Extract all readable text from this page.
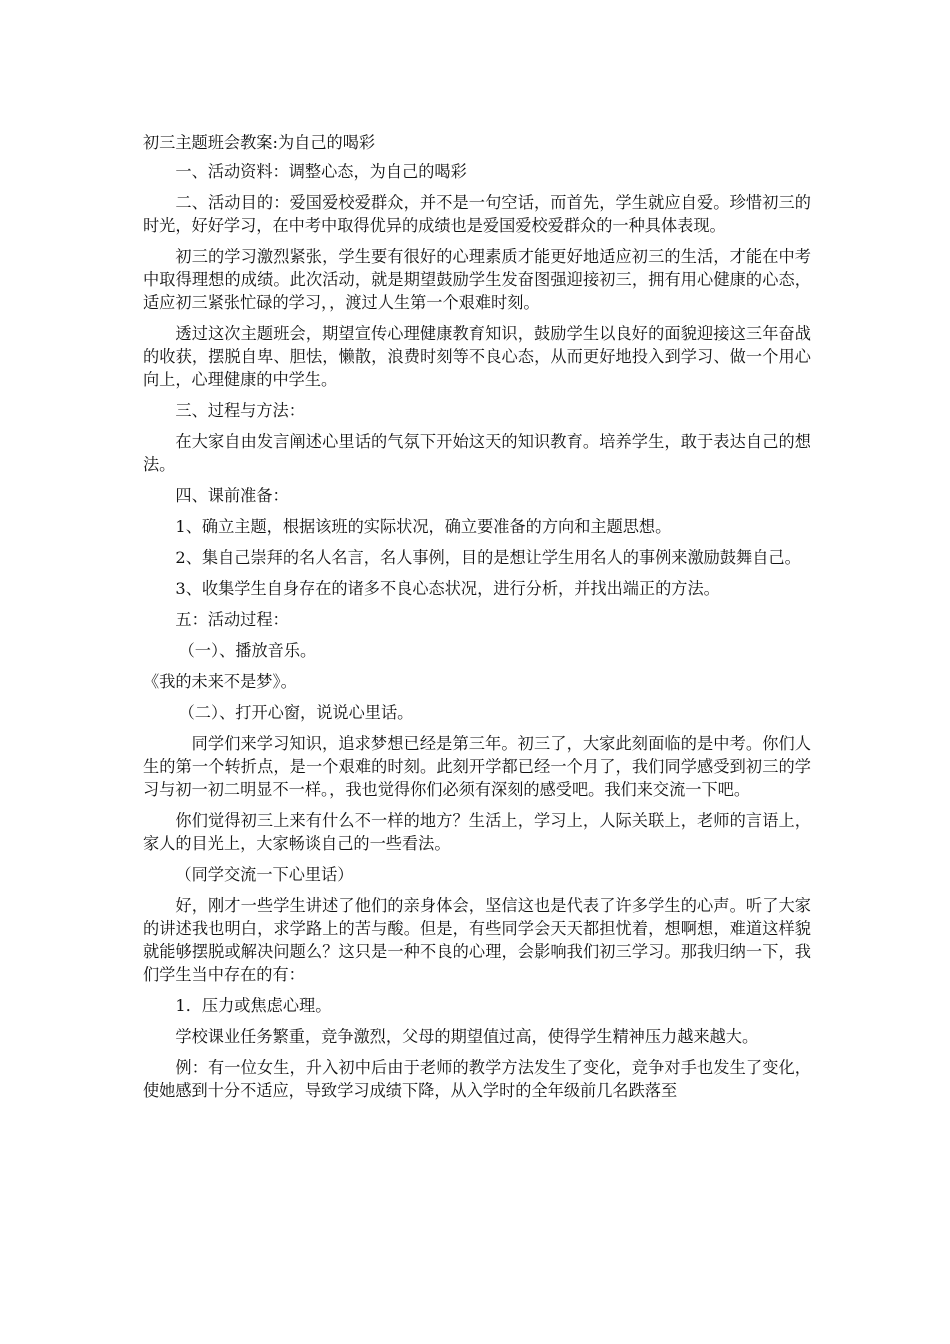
初三主题班会教案:为自己的喝彩

一、活动资料：调整心态，为自己的喝彩

二、活动目的：爱国爱校爱群众，并不是一句空话，而首先，学生就应自爱。珍惜初三的时光，好好学习，在中考中取得优异的成绩也是爱国爱校爱群众的一种具体表现。

初三的学习激烈紧张，学生要有很好的心理素质才能更好地适应初三的生活，才能在中考中取得理想的成绩。此次活动，就是期望鼓励学生发奋图强迎接初三，拥有用心健康的心态，适应初三紧张忙碌的学习，，渡过人生第一个艰难时刻。

透过这次主题班会，期望宣传心理健康教育知识，鼓励学生以良好的面貌迎接这三年奋战的收获，摆脱自卑、胆怯，懒散，浪费时刻等不良心态，从而更好地投入到学习、做一个用心向上，心理健康的中学生。

三、过程与方法：

在大家自由发言阐述心里话的气氛下开始这天的知识教育。培养学生，敢于表达自己的想法。

四、课前准备：

1、确立主题，根据该班的实际状况，确立要准备的方向和主题思想。

2、集自己崇拜的名人名言，名人事例，目的是想让学生用名人的事例来激励鼓舞自己。

3、收集学生自身存在的诸多不良心态状况，进行分析，并找出端正的方法。

五：活动过程：

（一）、播放音乐。

《我的未来不是梦》。

（二）、打开心窗，说说心里话。

同学们来学习知识，追求梦想已经是第三年。初三了，大家此刻面临的是中考。你们人生的第一个转折点，是一个艰难的时刻。此刻开学都已经一个月了，我们同学感受到初三的学习与初一初二明显不一样。，我也觉得你们必须有深刻的感受吧。我们来交流一下吧。

你们觉得初三上来有什么不一样的地方？生活上，学习上，人际关联上，老师的言语上，家人的目光上，大家畅谈自己的一些看法。

（同学交流一下心里话）

好，刚才一些学生讲述了他们的亲身体会，坚信这也是代表了许多学生的心声。听了大家的讲述我也明白，求学路上的苦与酸。但是，有些同学会天天都担忧着，想啊想，难道这样貌就能够摆脱或解决问题么？这只是一种不良的心理，会影响我们初三学习。那我归纳一下，我们学生当中存在的有：

1．压力或焦虑心理。

学校课业任务繁重，竞争激烈，父母的期望值过高，使得学生精神压力越来越大。

例：有一位女生，升入初中后由于老师的教学方法发生了变化，竞争对手也发生了变化，使她感到十分不适应，导致学习成绩下降，从入学时的全年级前几名跌落至
